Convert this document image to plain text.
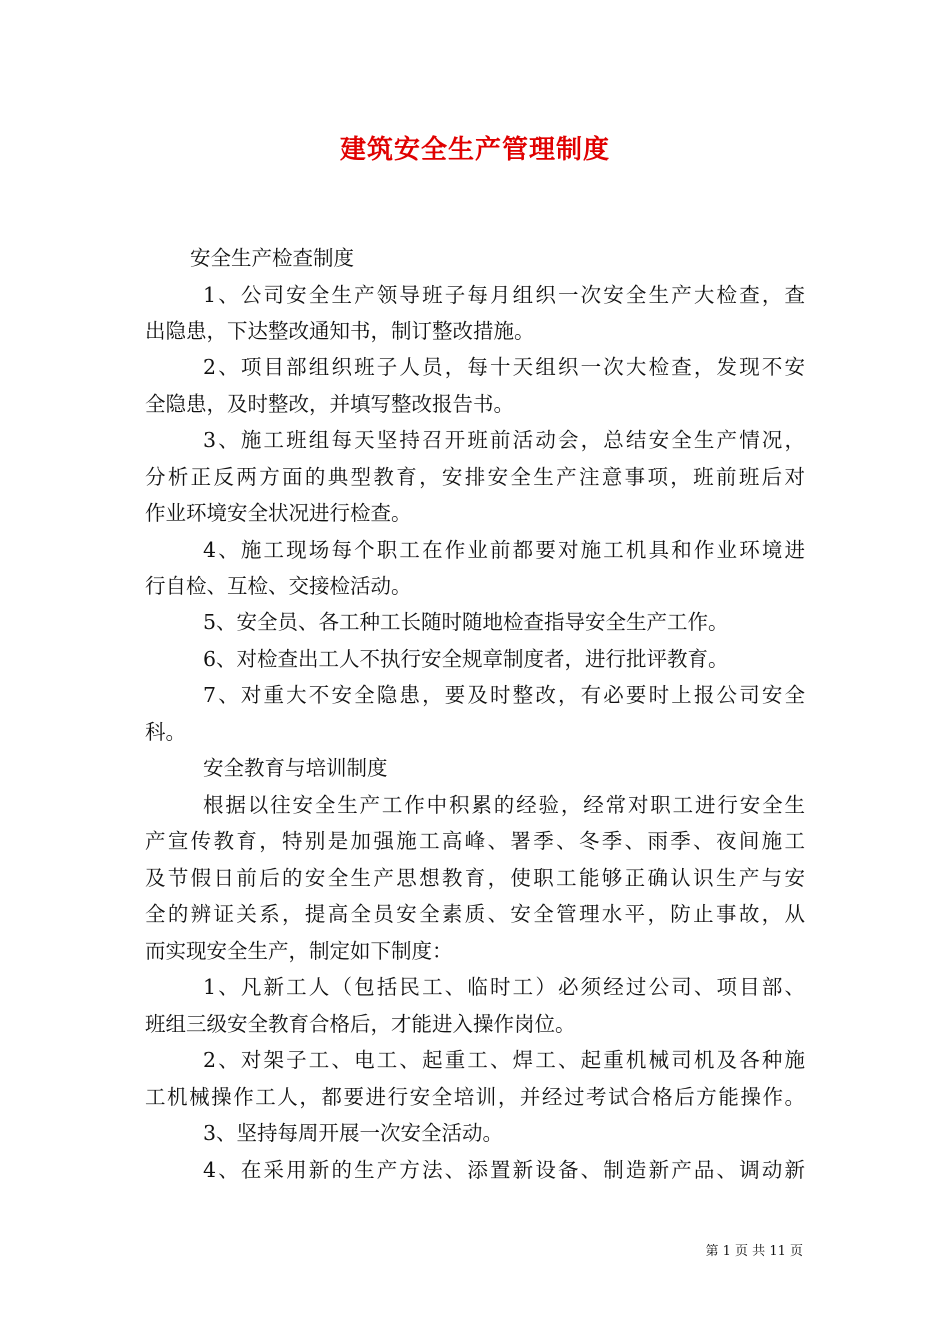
建筑安全生产管理制度
安全生产检查制度
1、公司安全生产领导班子每月组织一次安全生产大检查，查
出隐患，下达整改通知书，制订整改措施。
2、项目部组织班子人员，每十天组织一次大检查，发现不安
全隐患，及时整改，并填写整改报告书。
3、施工班组每天坚持召开班前活动会，总结安全生产情况，
分析正反两方面的典型教育，安排安全生产注意事项，班前班后对
作业环境安全状况进行检查。
4、施工现场每个职工在作业前都要对施工机具和作业环境进
行自检、互检、交接检活动。
5、安全员、各工种工长随时随地检查指导安全生产工作。
6、对检查出工人不执行安全规章制度者，进行批评教育。
7、对重大不安全隐患，要及时整改，有必要时上报公司安全
科。
安全教育与培训制度
根据以往安全生产工作中积累的经验，经常对职工进行安全生
产宣传教育，特别是加强施工高峰、署季、冬季、雨季、夜间施工
及节假日前后的安全生产思想教育，使职工能够正确认识生产与安
全的辨证关系，提高全员安全素质、安全管理水平，防止事故，从
而实现安全生产，制定如下制度：
1、凡新工人（包括民工、临时工）必须经过公司、项目部、
班组三级安全教育合格后，才能进入操作岗位。
2、对架子工、电工、起重工、焊工、起重机械司机及各种施
工机械操作工人，都要进行安全培训，并经过考试合格后方能操作。
3、坚持每周开展一次安全活动。
4、在采用新的生产方法、添置新设备、制造新产品、调动新
第 1 页 共 11 页
